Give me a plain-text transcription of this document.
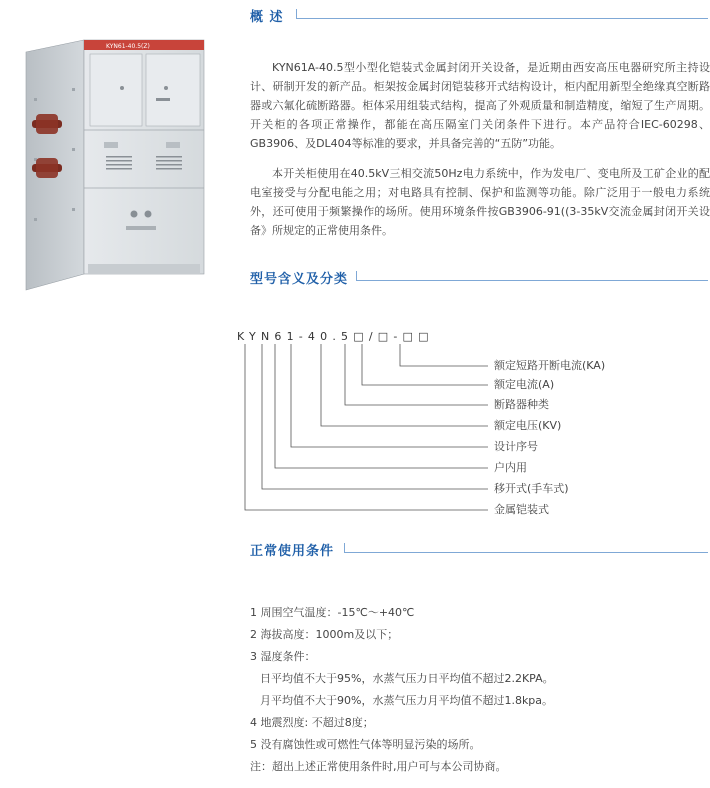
KYN61-40.5(Z)
概 述

KYN61A-40.5型小型化铠装式金属封闭开关设备，是近期由西安高压电器研究所主持设计、研制开发的新产品。柜架按金属封闭铠装移开式结构设计，柜内配用新型全绝缘真空断路器或六氟化硫断路器。柜体采用组装式结构，提高了外观质量和制造精度，缩短了生产周期。开关柜的各项正常操作，都能在高压隔室门关闭条件下进行。本产品符合IEC-60298、GB3906、及DL404等标准的要求，并具备完善的“五防”功能。

本开关柜使用在40.5kV三相交流50Hz电力系统中，作为发电厂、变电所及工矿企业的配电室接受与分配电能之用；对电路具有控制、保护和监测等功能。除广泛用于一般电力系统外，还可使用于频繁操作的场所。使用环境条件按GB3906-91((3-35kV交流金属封闭开关设备》所规定的正常使用条件。

型号含义及分类
KYN61-40.5□/□-□□
额定短路开断电流(KA)
额定电流(A)
断路器种类
额定电压(KV)
设计序号
户内用
移开式(手车式)
金属铠装式
正常使用条件
1 周围空气温度：-15℃～+40℃
2 海拔高度：1000m及以下；
3 湿度条件：
日平均值不大于95%，水蒸气压力日平均值不超过2.2KPA。
月平均值不大于90%，水蒸气压力月平均值不超过1.8kpa。
4 地震烈度: 不超过8度；
5 没有腐蚀性或可燃性气体等明显污染的场所。
注：超出上述正常使用条件时,用户可与本公司协商。
